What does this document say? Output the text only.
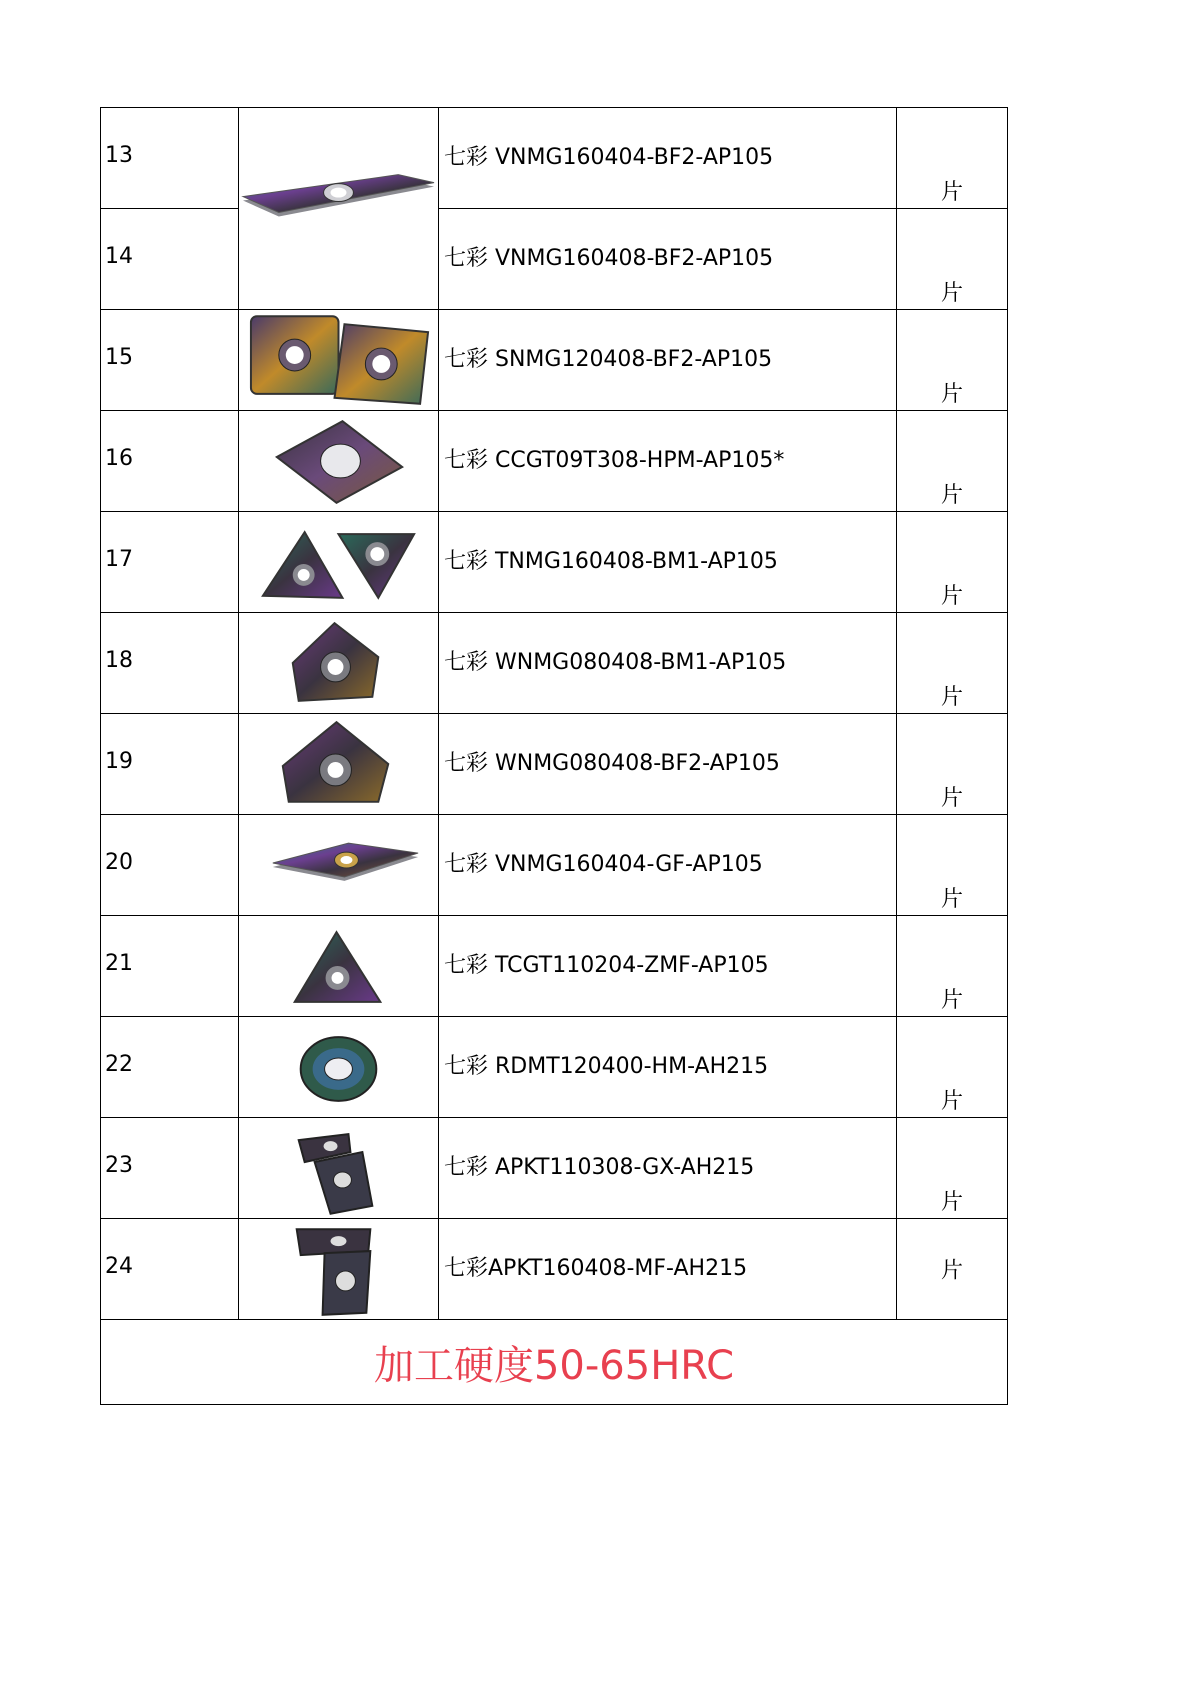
13		七彩 VNMG160404-BF2-AP105	片

14		七彩 VNMG160408-BF2-AP105	片

15		七彩 SNMG120408-BF2-AP105	片

16		七彩 CCGT09T308-HPM-AP105*	片

17		七彩 TNMG160408-BM1-AP105	片

18		七彩 WNMG080408-BM1-AP105	片

19		七彩 WNMG080408-BF2-AP105	片

20		七彩 VNMG160404-GF-AP105	片

21		七彩 TCGT110204-ZMF-AP105	片

22		七彩 RDMT120400-HM-AH215	片

23		七彩 APKT110308-GX-AH215	片

24		七彩APKT160408-MF-AH215	片

加工硬度50-65HRC			
